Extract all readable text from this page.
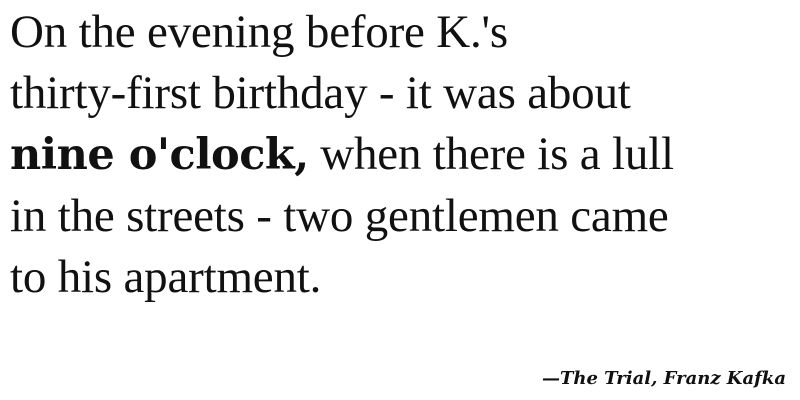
On the evening before K.'s
thirty-first birthday - it was about
nine o'clock, when there is a lull
in the streets - two gentlemen came
to his apartment.

—The Trial, Franz Kafka
